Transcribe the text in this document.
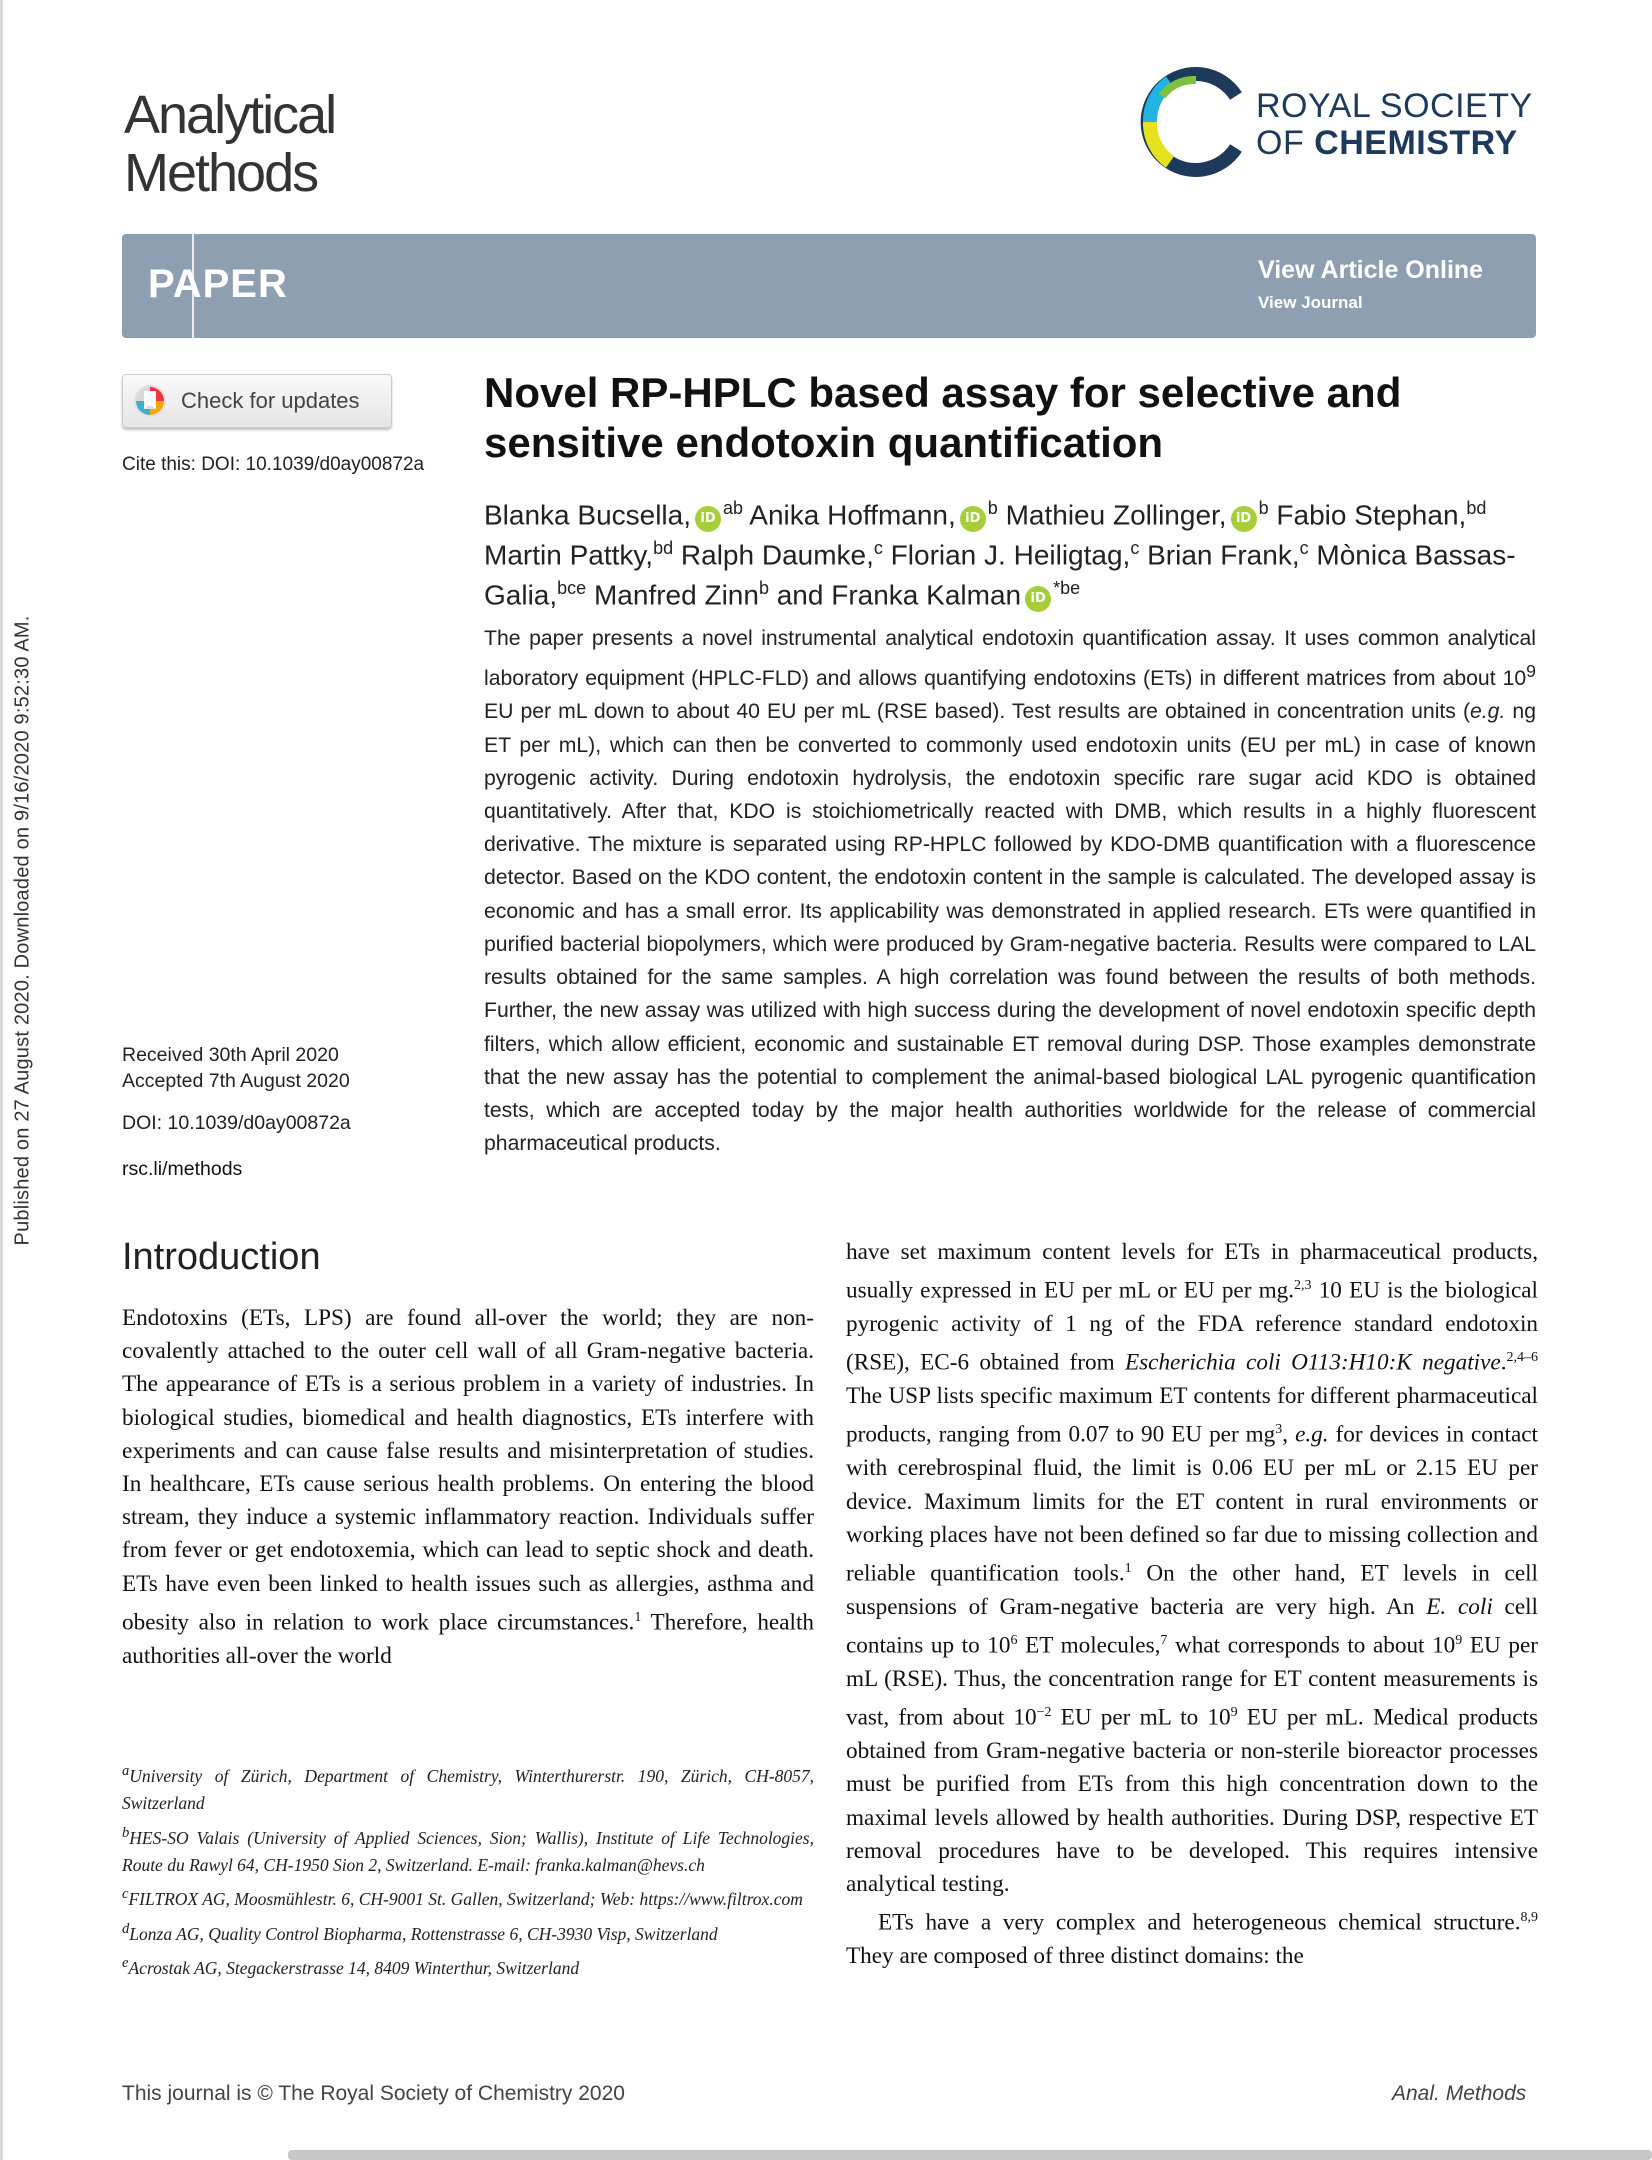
Published on 27 August 2020. Downloaded on 9/16/2020 9:52:30 AM.
Analytical
Methods
ROYAL SOCIETY
OF CHEMISTRY
PAPER	View Article Online
View Journal
Check for updates
Cite this: DOI: 10.1039/d0ay00872a
Novel RP-HPLC based assay for selective and sensitive endotoxin quantification
Blanka Bucsella, $iD^{ab}$ Anika Hoffmann, $iD^b$ Mathieu Zollinger, $iD^b$ Fabio Stephan,$^{bd}$ Martin Pattky,$^{bd}$ Ralph Daumke,$^c$ Florian J. Heiligtag,$^c$ Brian Frank,$^c$ Mònica Bassas-Galia,$^{bce}$ Manfred Zinn$^b$ and Franka Kalman $iD^{*be}$

The paper presents a novel instrumental analytical endotoxin quantification assay. It uses common analytical laboratory equipment (HPLC-FLD) and allows quantifying endotoxins (ETs) in different matrices from about $10^9$ EU per mL down to about 40 EU per mL (RSE based). Test results are obtained in concentration units (e.g. ng ET per mL), which can then be converted to commonly used endotoxin units (EU per mL) in case of known pyrogenic activity. During endotoxin hydrolysis, the endotoxin specific rare sugar acid KDO is obtained quantitatively. After that, KDO is stoichiometrically reacted with DMB, which results in a highly fluorescent derivative. The mixture is separated using RP-HPLC followed by KDO-DMB quantification with a fluorescence detector. Based on the KDO content, the endotoxin content in the sample is calculated. The developed assay is economic and has a small error. Its applicability was demonstrated in applied research. ETs were quantified in purified bacterial biopolymers, which were produced by Gram-negative bacteria. Results were compared to LAL results obtained for the same samples. A high correlation was found between the results of both methods. Further, the new assay was utilized with high success during the development of novel endotoxin specific depth filters, which allow efficient, economic and sustainable ET removal during DSP. Those examples demonstrate that the new assay has the potential to complement the animal-based biological LAL pyrogenic quantification tests, which are accepted today by the major health authorities worldwide for the release of commercial pharmaceutical products.

Received 30th April 2020
Accepted 7th August 2020
DOI: 10.1039/d0ay00872a
rsc.li/methods
Introduction

Endotoxins (ETs, LPS) are found all-over the world; they are non-covalently attached to the outer cell wall of all Gram-negative bacteria. The appearance of ETs is a serious problem in a variety of industries. In biological studies, biomedical and health diagnostics, ETs interfere with experiments and can cause false results and misinterpretation of studies. In healthcare, ETs cause serious health problems. On entering the blood stream, they induce a systemic inflammatory reaction. Individuals suffer from fever or get endotoxemia, which can lead to septic shock and death. ETs have even been linked to health issues such as allergies, asthma and obesity also in relation to work place circumstances.$^1$ Therefore, health authorities all-over the world

have set maximum content levels for ETs in pharmaceutical products, usually expressed in EU per mL or EU per mg.$^{2,3}$ 10 EU is the biological pyrogenic activity of 1 ng of the FDA reference standard endotoxin (RSE), EC-6 obtained from Escherichia coli O113:H10:K negative.$^{2,4-6}$ The USP lists specific maximum ET contents for different pharmaceutical products, ranging from 0.07 to 90 EU per $mg^3$, e.g. for devices in contact with cerebrospinal fluid, the limit is 0.06 EU per mL or 2.15 EU per device. Maximum limits for the ET content in rural environments or working places have not been defined so far due to missing collection and reliable quantification tools.$^1$ On the other hand, ET levels in cell suspensions of Gram-negative bacteria are very high. An E. coli cell contains up to $10^6$ ET molecules,$^7$ what corresponds to about $10^9$ EU per mL (RSE). Thus, the concentration range for ET content measurements is vast, from about $10^{-2}$ EU per mL to $10^9$ EU per mL. Medical products obtained from Gram-negative bacteria or non-sterile bioreactor processes must be purified from ETs from this high concentration down to the maximal levels allowed by health authorities. During DSP, respective ET removal procedures have to be developed. This requires intensive analytical testing.

ETs have a very complex and heterogeneous chemical structure.$^{8,9}$ They are composed of three distinct domains: the

$^a$University of Zürich, Department of Chemistry, Winterthurerstr. 190, Zürich, CH-8057, Switzerland

$^b$HES-SO Valais (University of Applied Sciences, Sion; Wallis), Institute of Life Technologies, Route du Rawyl 64, CH-1950 Sion 2, Switzerland. E-mail: franka.kalman@hevs.ch

$^c$FILTROX AG, Moosmühlestr. 6, CH-9001 St. Gallen, Switzerland; Web: https://www.filtrox.com

$^d$Lonza AG, Quality Control Biopharma, Rottenstrasse 6, CH-3930 Visp, Switzerland

$^e$Acrostak AG, Stegackerstrasse 14, 8409 Winterthur, Switzerland

This journal is © The Royal Society of Chemistry 2020	Anal. Methods
